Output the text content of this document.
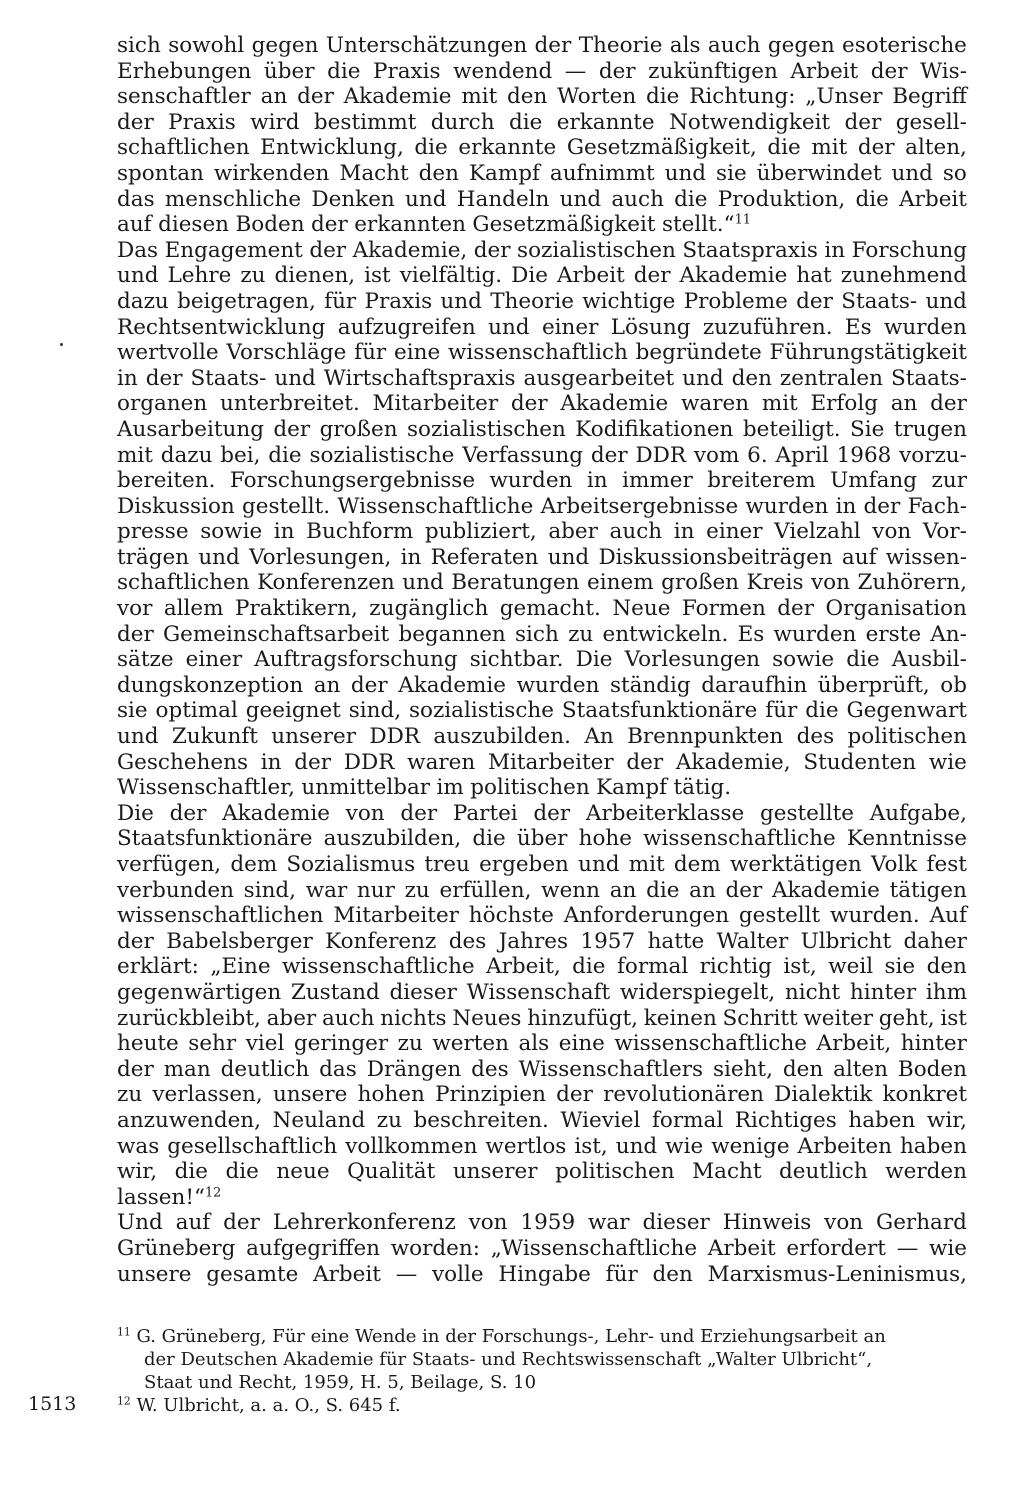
sich sowohl gegen Unterschätzungen der Theorie als auch gegen esoterische
Erhebungen über die Praxis wendend — der zukünftigen Arbeit der Wis-
senschaftler an der Akademie mit den Worten die Richtung: „Unser Begriff
der Praxis wird bestimmt durch die erkannte Notwendigkeit der gesell-
schaftlichen Entwicklung, die erkannte Gesetzmäßigkeit, die mit der alten,
spontan wirkenden Macht den Kampf aufnimmt und sie überwindet und so
das menschliche Denken und Handeln und auch die Produktion, die Arbeit
auf diesen Boden der erkannten Gesetzmäßigkeit stellt.“$^{11}$
Das Engagement der Akademie, der sozialistischen Staatspraxis in Forschung
und Lehre zu dienen, ist vielfältig. Die Arbeit der Akademie hat zunehmend
dazu beigetragen, für Praxis und Theorie wichtige Probleme der Staats- und
Rechtsentwicklung aufzugreifen und einer Lösung zuzuführen. Es wurden
wertvolle Vorschläge für eine wissenschaftlich begründete Führungstätigkeit
in der Staats- und Wirtschaftspraxis ausgearbeitet und den zentralen Staats-
organen unterbreitet. Mitarbeiter der Akademie waren mit Erfolg an der
Ausarbeitung der großen sozialistischen Kodifikationen beteiligt. Sie trugen
mit dazu bei, die sozialistische Verfassung der DDR vom 6. April 1968 vorzu-
bereiten. Forschungsergebnisse wurden in immer breiterem Umfang zur
Diskussion gestellt. Wissenschaftliche Arbeitsergebnisse wurden in der Fach-
presse sowie in Buchform publiziert, aber auch in einer Vielzahl von Vor-
trägen und Vorlesungen, in Referaten und Diskussionsbeiträgen auf wissen-
schaftlichen Konferenzen und Beratungen einem großen Kreis von Zuhörern,
vor allem Praktikern, zugänglich gemacht. Neue Formen der Organisation
der Gemeinschaftsarbeit begannen sich zu entwickeln. Es wurden erste An-
sätze einer Auftragsforschung sichtbar. Die Vorlesungen sowie die Ausbil-
dungskonzeption an der Akademie wurden ständig daraufhin überprüft, ob
sie optimal geeignet sind, sozialistische Staatsfunktionäre für die Gegenwart
und Zukunft unserer DDR auszubilden. An Brennpunkten des politischen
Geschehens in der DDR waren Mitarbeiter der Akademie, Studenten wie
Wissenschaftler, unmittelbar im politischen Kampf tätig.
Die der Akademie von der Partei der Arbeiterklasse gestellte Aufgabe,
Staatsfunktionäre auszubilden, die über hohe wissenschaftliche Kenntnisse
verfügen, dem Sozialismus treu ergeben und mit dem werktätigen Volk fest
verbunden sind, war nur zu erfüllen, wenn an die an der Akademie tätigen
wissenschaftlichen Mitarbeiter höchste Anforderungen gestellt wurden. Auf
der Babelsberger Konferenz des Jahres 1957 hatte Walter Ulbricht daher
erklärt: „Eine wissenschaftliche Arbeit, die formal richtig ist, weil sie den
gegenwärtigen Zustand dieser Wissenschaft widerspiegelt, nicht hinter ihm
zurückbleibt, aber auch nichts Neues hinzufügt, keinen Schritt weiter geht, ist
heute sehr viel geringer zu werten als eine wissenschaftliche Arbeit, hinter
der man deutlich das Drängen des Wissenschaftlers sieht, den alten Boden
zu verlassen, unsere hohen Prinzipien der revolutionären Dialektik konkret
anzuwenden, Neuland zu beschreiten. Wieviel formal Richtiges haben wir,
was gesellschaftlich vollkommen wertlos ist, und wie wenige Arbeiten haben
wir, die die neue Qualität unserer politischen Macht deutlich werden
lassen!“$^{12}$
Und auf der Lehrerkonferenz von 1959 war dieser Hinweis von Gerhard
Grüneberg aufgegriffen worden: „Wissenschaftliche Arbeit erfordert — wie
unsere gesamte Arbeit — volle Hingabe für den Marxismus-Leninismus,
$^{11}$ G. Grüneberg, Für eine Wende in der Forschungs-, Lehr- und Erziehungsarbeit an
der Deutschen Akademie für Staats- und Rechtswissenschaft „Walter Ulbricht“,
Staat und Recht, 1959, H. 5, Beilage, S. 10
$^{12}$ W. Ulbricht, a. a. O., S. 645 f.
1513
